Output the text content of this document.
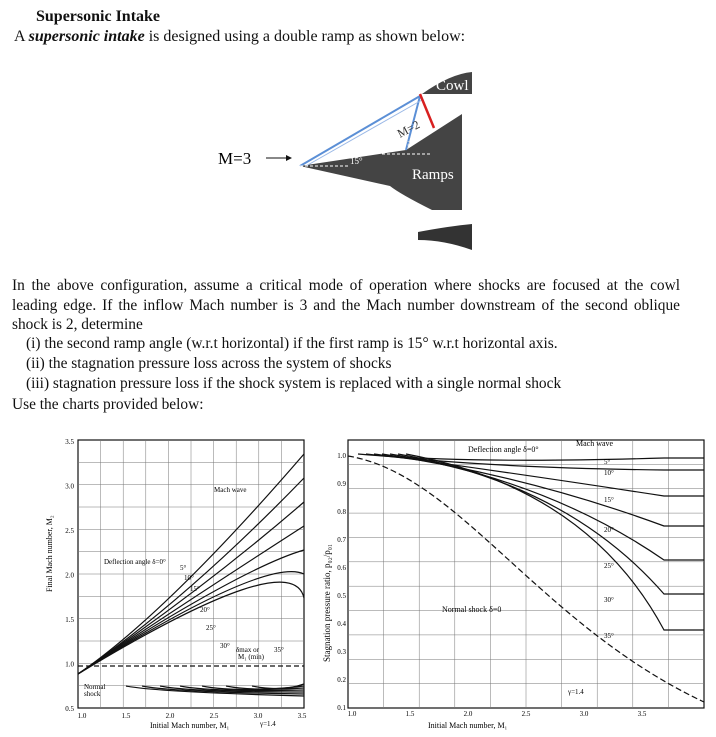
Supersonic Intake
A supersonic intake is designed using a double ramp as shown below:
Cowl
Ramps
15°
?
M=2
M=3
In the above configuration, assume a critical mode of operation where shocks are focused at the cowl leading edge. If the inflow Mach number is 3 and the Mach number downstream of the second oblique shock is 2, determine
(i) the second ramp angle (w.r.t horizontal) if the first ramp is 15° w.r.t horizontal axis.
(ii) the stagnation pressure loss across the system of shocks
(iii) stagnation pressure loss if the shock system is replaced with a single normal shock
Use the charts provided below:
Final Mach number, M₂
Initial Mach number, M₁	γ=1.4
Mach wave
Deflection angle δ=0°
Normal
shock
δmax or
M₁ (min)
3.5
3.0
2.5
2.0
1.5
1.0
0.5
1.0	1.5	2.0	2.5	3.0	3.5
5°
10°
15°
20°
25°
30°	35°	Stagnation pressure ratio, p₀₂/p₀₁
Initial Mach number, M₁
γ=1.4
Deflection angle δ=0°
Mach wave
Normal shock δ=0
1.0
0.9
0.8
0.7
0.6
0.5
0.4
0.3
0.2
0.1
1.0	1.5	2.0	2.5	3.0	3.5
5°
10°
15°
20°
25°
30°
35°
